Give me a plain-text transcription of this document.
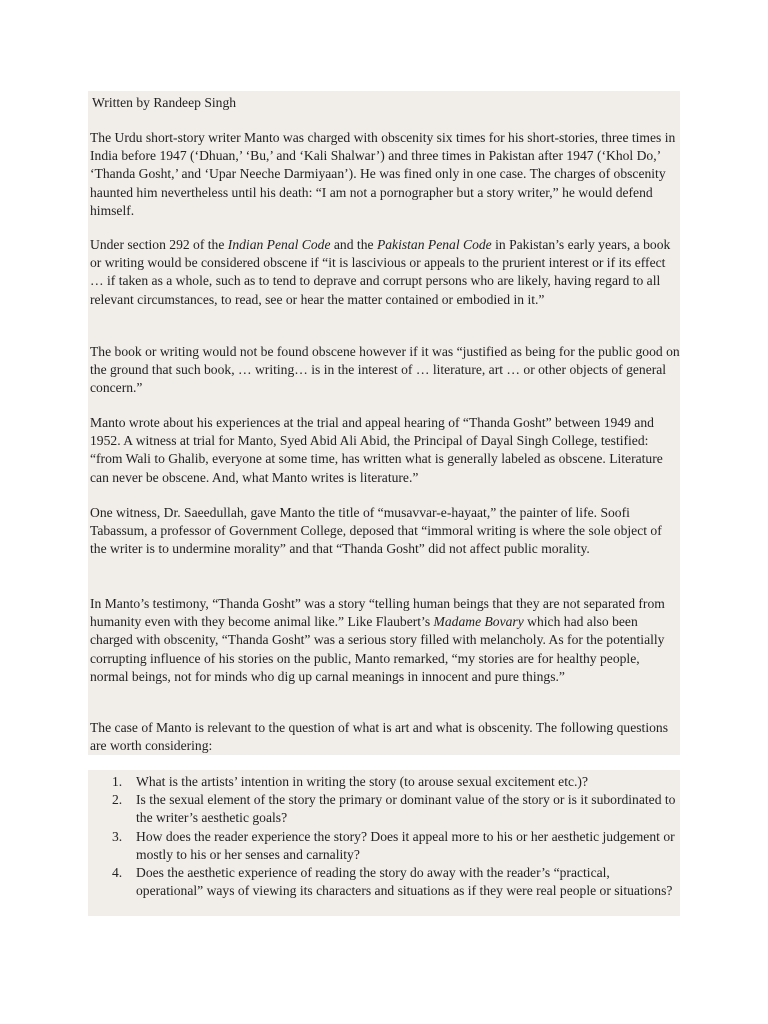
Written by Randeep Singh

The Urdu short-story writer Manto was charged with obscenity six times for his short-stories, three times in India before 1947 (‘Dhuan,’ ‘Bu,’ and ‘Kali Shalwar’) and three times in Pakistan after 1947 (‘Khol Do,’ ‘Thanda Gosht,’ and ‘Upar Neeche Darmiyaan’). He was fined only in one case. The charges of obscenity haunted him nevertheless until his death: “I am not a pornographer but a story writer,” he would defend himself.

Under section 292 of the Indian Penal Code and the Pakistan Penal Code in Pakistan’s early years, a book or writing would be considered obscene if “it is lascivious or appeals to the prurient interest or if its effect … if taken as a whole, such as to tend to deprave and corrupt persons who are likely, having regard to all relevant circumstances, to read, see or hear the matter contained or embodied in it.”

The book or writing would not be found obscene however if it was “justified as being for the public good on the ground that such book, … writing… is in the interest of … literature, art … or other objects of general concern.”

Manto wrote about his experiences at the trial and appeal hearing of “Thanda Gosht” between 1949 and 1952. A witness at trial for Manto, Syed Abid Ali Abid, the Principal of Dayal Singh College, testified: “from Wali to Ghalib, everyone at some time, has written what is generally labeled as obscene. Literature can never be obscene. And, what Manto writes is literature.”

One witness, Dr. Saeedullah, gave Manto the title of “musavvar-e-hayaat,” the painter of life. Soofi Tabassum, a professor of Government College, deposed that “immoral writing is where the sole object of the writer is to undermine morality” and that “Thanda Gosht” did not affect public morality.

In Manto’s testimony, “Thanda Gosht” was a story “telling human beings that they are not separated from humanity even with they become animal like.” Like Flaubert’s Madame Bovary which had also been charged with obscenity, “Thanda Gosht” was a serious story filled with melancholy. As for the potentially corrupting influence of his stories on the public, Manto remarked, “my stories are for healthy people, normal beings, not for minds who dig up carnal meanings in innocent and pure things.”

The case of Manto is relevant to the question of what is art and what is obscenity. The following questions are worth considering:

1. What is the artists’ intention in writing the story (to arouse sexual excitement etc.)?
2. Is the sexual element of the story the primary or dominant value of the story or is it subordinated to the writer’s aesthetic goals?
3. How does the reader experience the story? Does it appeal more to his or her aesthetic judgement or mostly to his or her senses and carnality?
4. Does the aesthetic experience of reading the story do away with the reader’s “practical, operational” ways of viewing its characters and situations as if they were real people or situations?
